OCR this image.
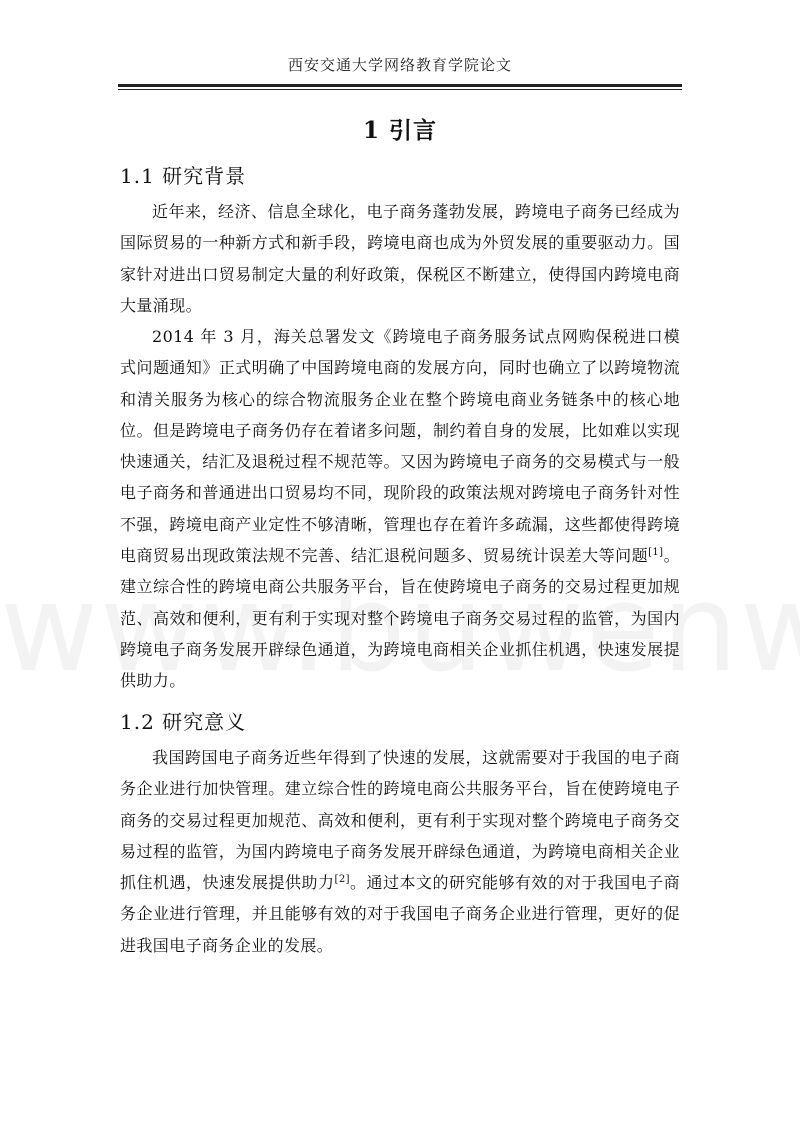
西安交通大学网络教育学院论文
1 引言
1.1 研究背景

近年来，经济、信息全球化，电子商务蓬勃发展，跨境电子商务已经成为国际贸易的一种新方式和新手段，跨境电商也成为外贸发展的重要驱动力。国家针对进出口贸易制定大量的利好政策，保税区不断建立，使得国内跨境电商大量涌现。

2014 年 3 月，海关总署发文《跨境电子商务服务试点网购保税进口模式问题通知》正式明确了中国跨境电商的发展方向，同时也确立了以跨境物流和清关服务为核心的综合物流服务企业在整个跨境电商业务链条中的核心地位。但是跨境电子商务仍存在着诸多问题，制约着自身的发展，比如难以实现快速通关，结汇及退税过程不规范等。又因为跨境电子商务的交易模式与一般电子商务和普通进出口贸易均不同，现阶段的政策法规对跨境电子商务针对性不强，跨境电商产业定性不够清晰，管理也存在着许多疏漏，这些都使得跨境电商贸易出现政策法规不完善、结汇退税问题多、贸易统计误差大等问题[1]。建立综合性的跨境电商公共服务平台，旨在使跨境电子商务的交易过程更加规范、高效和便利，更有利于实现对整个跨境电子商务交易过程的监管，为国内跨境电子商务发展开辟绿色通道，为跨境电商相关企业抓住机遇，快速发展提供助力。

1.2 研究意义

我国跨国电子商务近些年得到了快速的发展，这就需要对于我国的电子商务企业进行加快管理。建立综合性的跨境电商公共服务平台，旨在使跨境电子商务的交易过程更加规范、高效和便利，更有利于实现对整个跨境电子商务交易过程的监管，为国内跨境电子商务发展开辟绿色通道，为跨境电商相关企业抓住机遇，快速发展提供助力[2]。通过本文的研究能够有效的对于我国电子商务企业进行管理，并且能够有效的对于我国电子商务企业进行管理，更好的促进我国电子商务企业的发展。
